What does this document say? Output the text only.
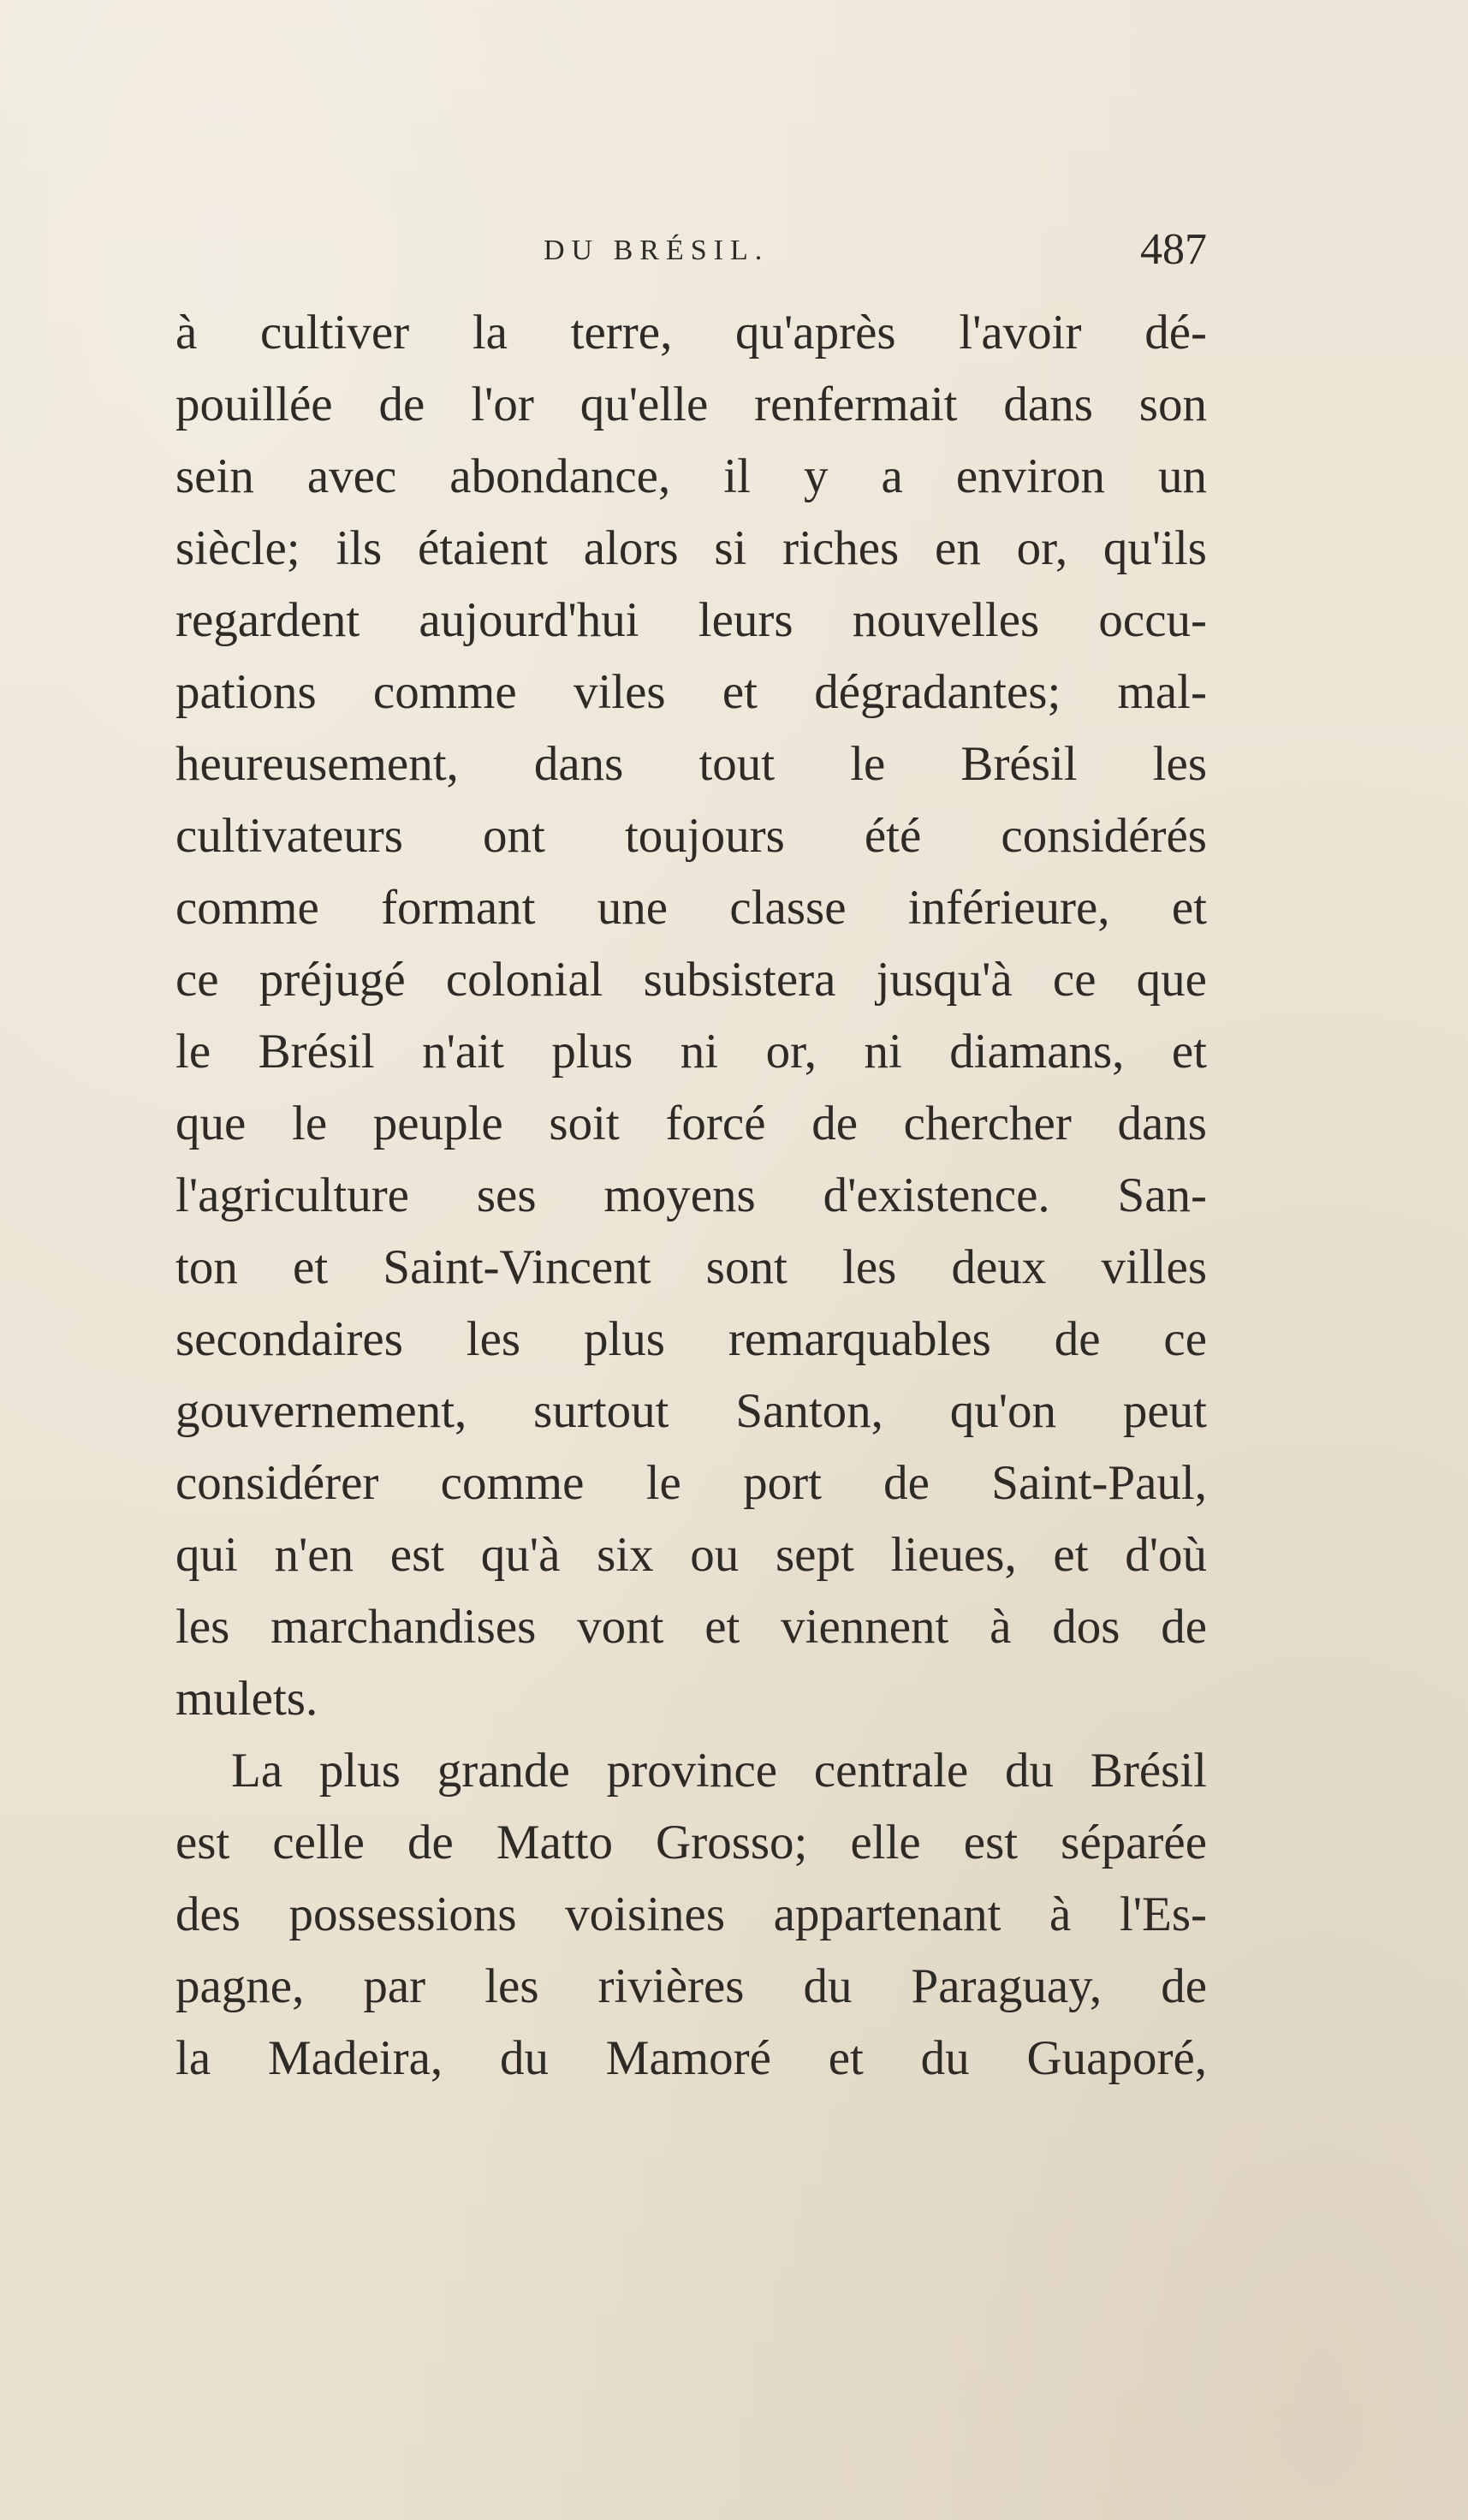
DU BRÉSIL.	487
à cultiver la terre, qu'après l'avoir dé-
pouillée de l'or qu'elle renfermait dans son
sein avec abondance, il y a environ un
siècle; ils étaient alors si riches en or, qu'ils
regardent aujourd'hui leurs nouvelles occu-
pations comme viles et dégradantes; mal-
heureusement, dans tout le Brésil les
cultivateurs ont toujours été considérés
comme formant une classe inférieure, et
ce préjugé colonial subsistera jusqu'à ce que
le Brésil n'ait plus ni or, ni diamans, et
que le peuple soit forcé de chercher dans
l'agriculture ses moyens d'existence. San-
ton et Saint-Vincent sont les deux villes
secondaires les plus remarquables de ce
gouvernement, surtout Santon, qu'on peut
considérer comme le port de Saint-Paul,
qui n'en est qu'à six ou sept lieues, et d'où
les marchandises vont et viennent à dos de
mulets.
La plus grande province centrale du Brésil
est celle de Matto Grosso; elle est séparée
des possessions voisines appartenant à l'Es-
pagne, par les rivières du Paraguay, de
la Madeira, du Mamoré et du Guaporé,
